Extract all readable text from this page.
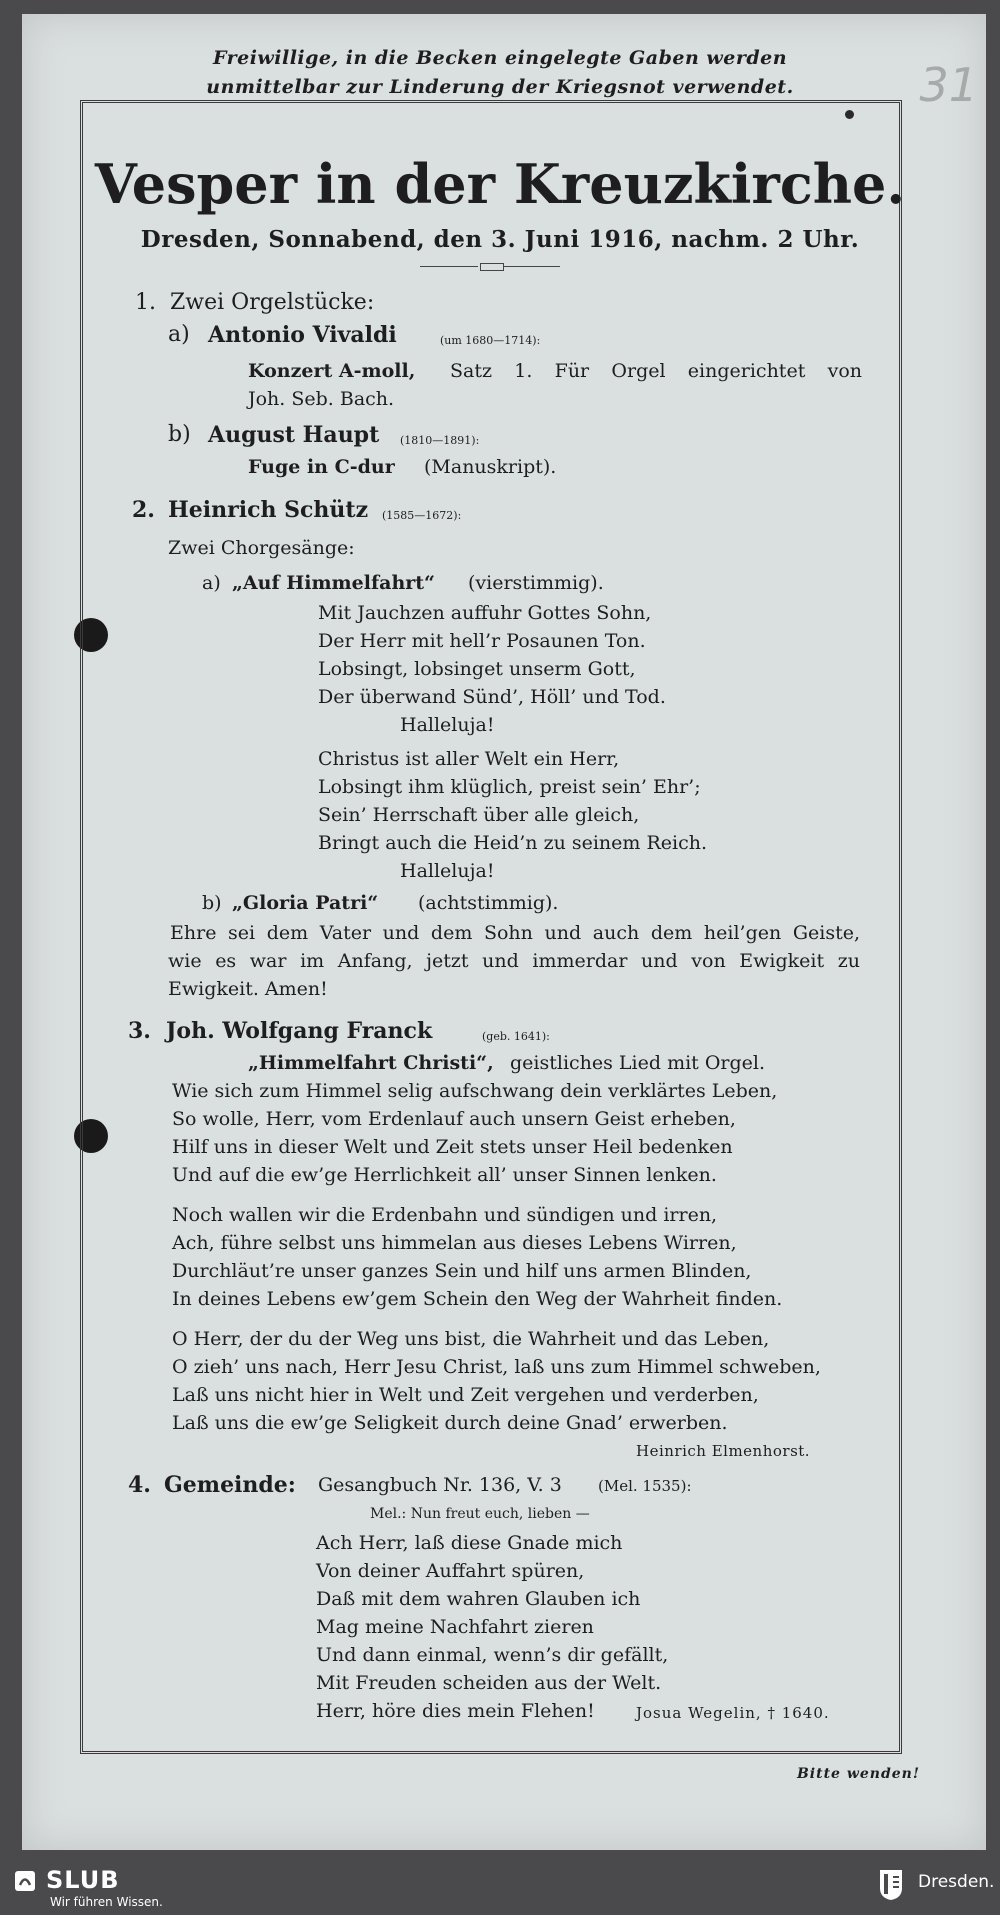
31
Freiwillige, in die Becken eingelegte Gaben werden
unmittelbar zur Linderung der Kriegsnot verwendet.
Vesper in der Kreuzkirche.
Dresden, Sonnabend, den 3. Juni 1916, nachm. 2 Uhr.
1. Zwei Orgelstücke:
a) Antonio Vivaldi	(um 1680—1714):
Konzert A-moll, Satz 1. Für Orgel eingerichtet von
Joh. Seb. Bach.
b) August Haupt (1810—1891):
Fuge in C-dur (Manuskript).
2. Heinrich Schütz (1585—1672):
Zwei Chorgesänge:
a) „Auf Himmelfahrt“ (vierstimmig).
Mit Jauchzen auffuhr Gottes Sohn,
Der Herr mit hell’r Posaunen Ton.
Lobsingt, lobsinget unserm Gott,
Der überwand Sünd’, Höll’ und Tod.
Halleluja!
Christus ist aller Welt ein Herr,
Lobsingt ihm klüglich, preist sein’ Ehr’;
Sein’ Herrschaft über alle gleich,
Bringt auch die Heid’n zu seinem Reich.
Halleluja!
b) „Gloria Patri“ (achtstimmig).
Ehre sei dem Vater und dem Sohn und auch dem heil’gen Geiste,
wie es war im Anfang, jetzt und immerdar und von Ewigkeit zu
Ewigkeit. Amen!
3. Joh. Wolfgang Franck	(geb. 1641):
„Himmelfahrt Christi“, geistliches Lied mit Orgel.
Wie sich zum Himmel selig aufschwang dein verklärtes Leben,
So wolle, Herr, vom Erdenlauf auch unsern Geist erheben,
Hilf uns in dieser Welt und Zeit stets unser Heil bedenken
Und auf die ew’ge Herrlichkeit all’ unser Sinnen lenken.
Noch wallen wir die Erdenbahn und sündigen und irren,
Ach, führe selbst uns himmelan aus dieses Lebens Wirren,
Durchläut’re unser ganzes Sein und hilf uns armen Blinden,
In deines Lebens ew’gem Schein den Weg der Wahrheit finden.
O Herr, der du der Weg uns bist, die Wahrheit und das Leben,
O zieh’ uns nach, Herr Jesu Christ, laß uns zum Himmel schweben,
Laß uns nicht hier in Welt und Zeit vergehen und verderben,
Laß uns die ew’ge Seligkeit durch deine Gnad’ erwerben.
Heinrich Elmenhorst.
4. Gemeinde: Gesangbuch Nr. 136, V. 3 (Mel. 1535):
Mel.: Nun freut euch, lieben —
Ach Herr, laß diese Gnade mich
Von deiner Auffahrt spüren,
Daß mit dem wahren Glauben ich
Mag meine Nachfahrt zieren
Und dann einmal, wenn’s dir gefällt,
Mit Freuden scheiden aus der Welt.
Herr, höre dies mein Flehen!	Josua Wegelin, † 1640.
Bitte wenden!
SLUB
Wir führen Wissen.
Dresden.
